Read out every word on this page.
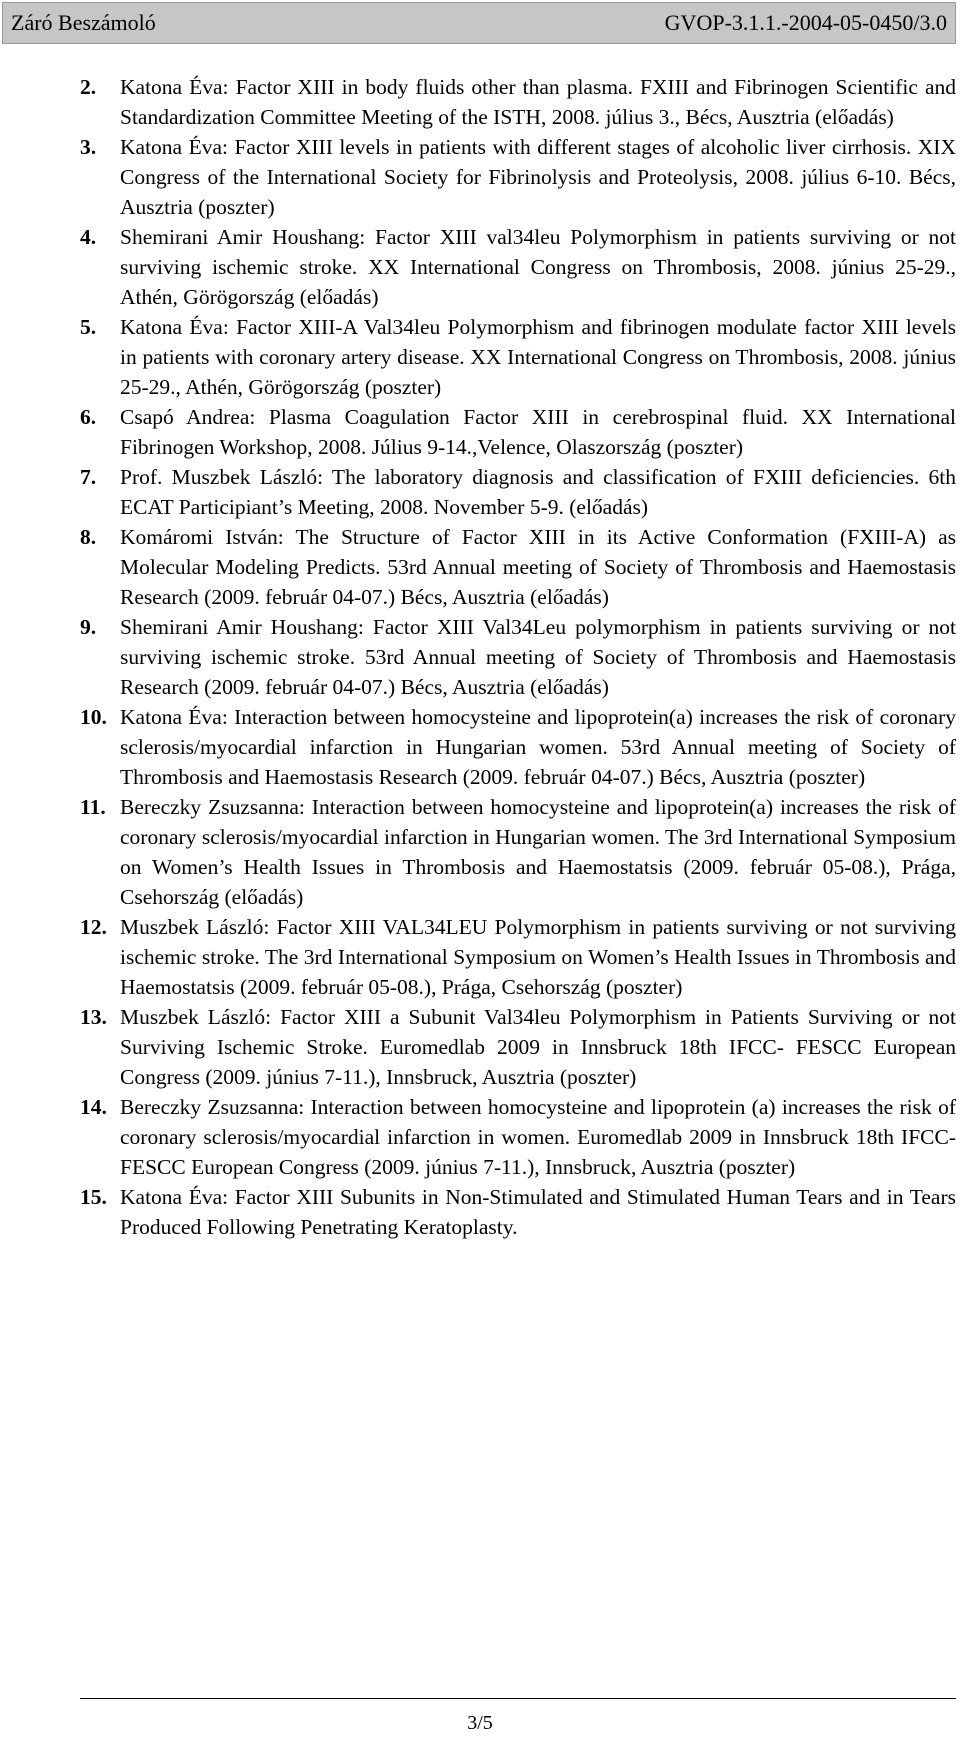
Záró Beszámoló	GVOP-3.1.1.-2004-05-0450/3.0
2. Katona Éva: Factor XIII in body fluids other than plasma. FXIII and Fibrinogen Scientific and Standardization Committee Meeting of the ISTH, 2008. július 3., Bécs, Ausztria (előadás)
3. Katona Éva: Factor XIII levels in patients with different stages of alcoholic liver cirrhosis. XIX Congress of the International Society for Fibrinolysis and Proteolysis, 2008. július 6-10. Bécs, Ausztria (poszter)
4. Shemirani Amir Houshang: Factor XIII val34leu Polymorphism in patients surviving or not surviving ischemic stroke. XX International Congress on Thrombosis, 2008. június 25-29., Athén, Görögország (előadás)
5. Katona Éva: Factor XIII-A Val34leu Polymorphism and fibrinogen modulate factor XIII levels in patients with coronary artery disease. XX International Congress on Thrombosis, 2008. június 25-29., Athén, Görögország (poszter)
6. Csapó Andrea: Plasma Coagulation Factor XIII in cerebrospinal fluid. XX International Fibrinogen Workshop, 2008. Július 9-14.,Velence, Olaszország (poszter)
7. Prof. Muszbek László: The laboratory diagnosis and classification of FXIII deficiencies. 6th ECAT Participiant’s Meeting, 2008. November 5-9. (előadás)
8. Komáromi István: The Structure of Factor XIII in its Active Conformation (FXIII-A) as Molecular Modeling Predicts. 53rd Annual meeting of Society of Thrombosis and Haemostasis Research (2009. február 04-07.) Bécs, Ausztria (előadás)
9. Shemirani Amir Houshang: Factor XIII Val34Leu polymorphism in patients surviving or not surviving ischemic stroke. 53rd Annual meeting of Society of Thrombosis and Haemostasis Research (2009. február 04-07.) Bécs, Ausztria (előadás)
10. Katona Éva: Interaction between homocysteine and lipoprotein(a) increases the risk of coronary sclerosis/myocardial infarction in Hungarian women. 53rd Annual meeting of Society of Thrombosis and Haemostasis Research (2009. február 04-07.) Bécs, Ausztria (poszter)
11. Bereczky Zsuzsanna: Interaction between homocysteine and lipoprotein(a) increases the risk of coronary sclerosis/myocardial infarction in Hungarian women. The 3rd International Symposium on Women’s Health Issues in Thrombosis and Haemostatsis (2009. február 05-08.), Prága, Csehország (előadás)
12. Muszbek László: Factor XIII VAL34LEU Polymorphism in patients surviving or not surviving ischemic stroke. The 3rd International Symposium on Women’s Health Issues in Thrombosis and Haemostatsis (2009. február 05-08.), Prága, Csehország (poszter)
13. Muszbek László: Factor XIII a Subunit Val34leu Polymorphism in Patients Surviving or not Surviving Ischemic Stroke. Euromedlab 2009 in Innsbruck 18th IFCC- FESCC European Congress (2009. június 7-11.), Innsbruck, Ausztria (poszter)
14. Bereczky Zsuzsanna: Interaction between homocysteine and lipoprotein (a) increases the risk of coronary sclerosis/myocardial infarction in women. Euromedlab 2009 in Innsbruck 18th IFCC- FESCC European Congress (2009. június 7-11.), Innsbruck, Ausztria (poszter)
15. Katona Éva: Factor XIII Subunits in Non-Stimulated and Stimulated Human Tears and in Tears Produced Following Penetrating Keratoplasty.
3/5
